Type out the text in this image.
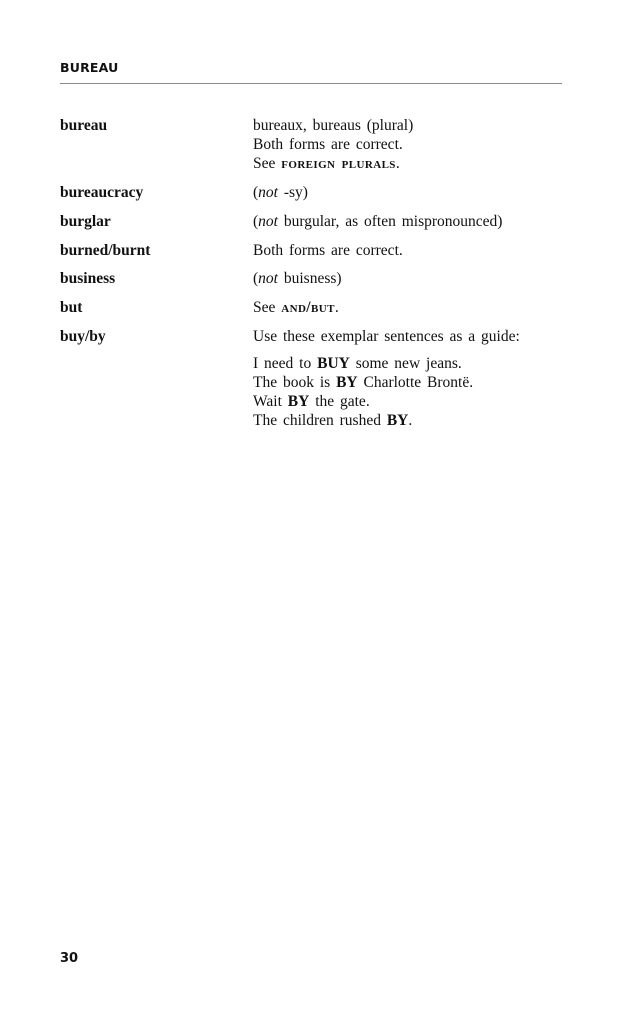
BUREAU
bureau	bureaux, bureaus (plural)
Both forms are correct.
See foreign plurals.
bureaucracy	(not -sy)
burglar	(not burgular, as often mispronounced)
burned/burnt	Both forms are correct.
business	(not buisness)
but	See and/but.
buy/by	Use these exemplar sentences as a guide:
I need to BUY some new jeans.
The book is BY Charlotte Brontë.
Wait BY the gate.
The children rushed BY.
30
